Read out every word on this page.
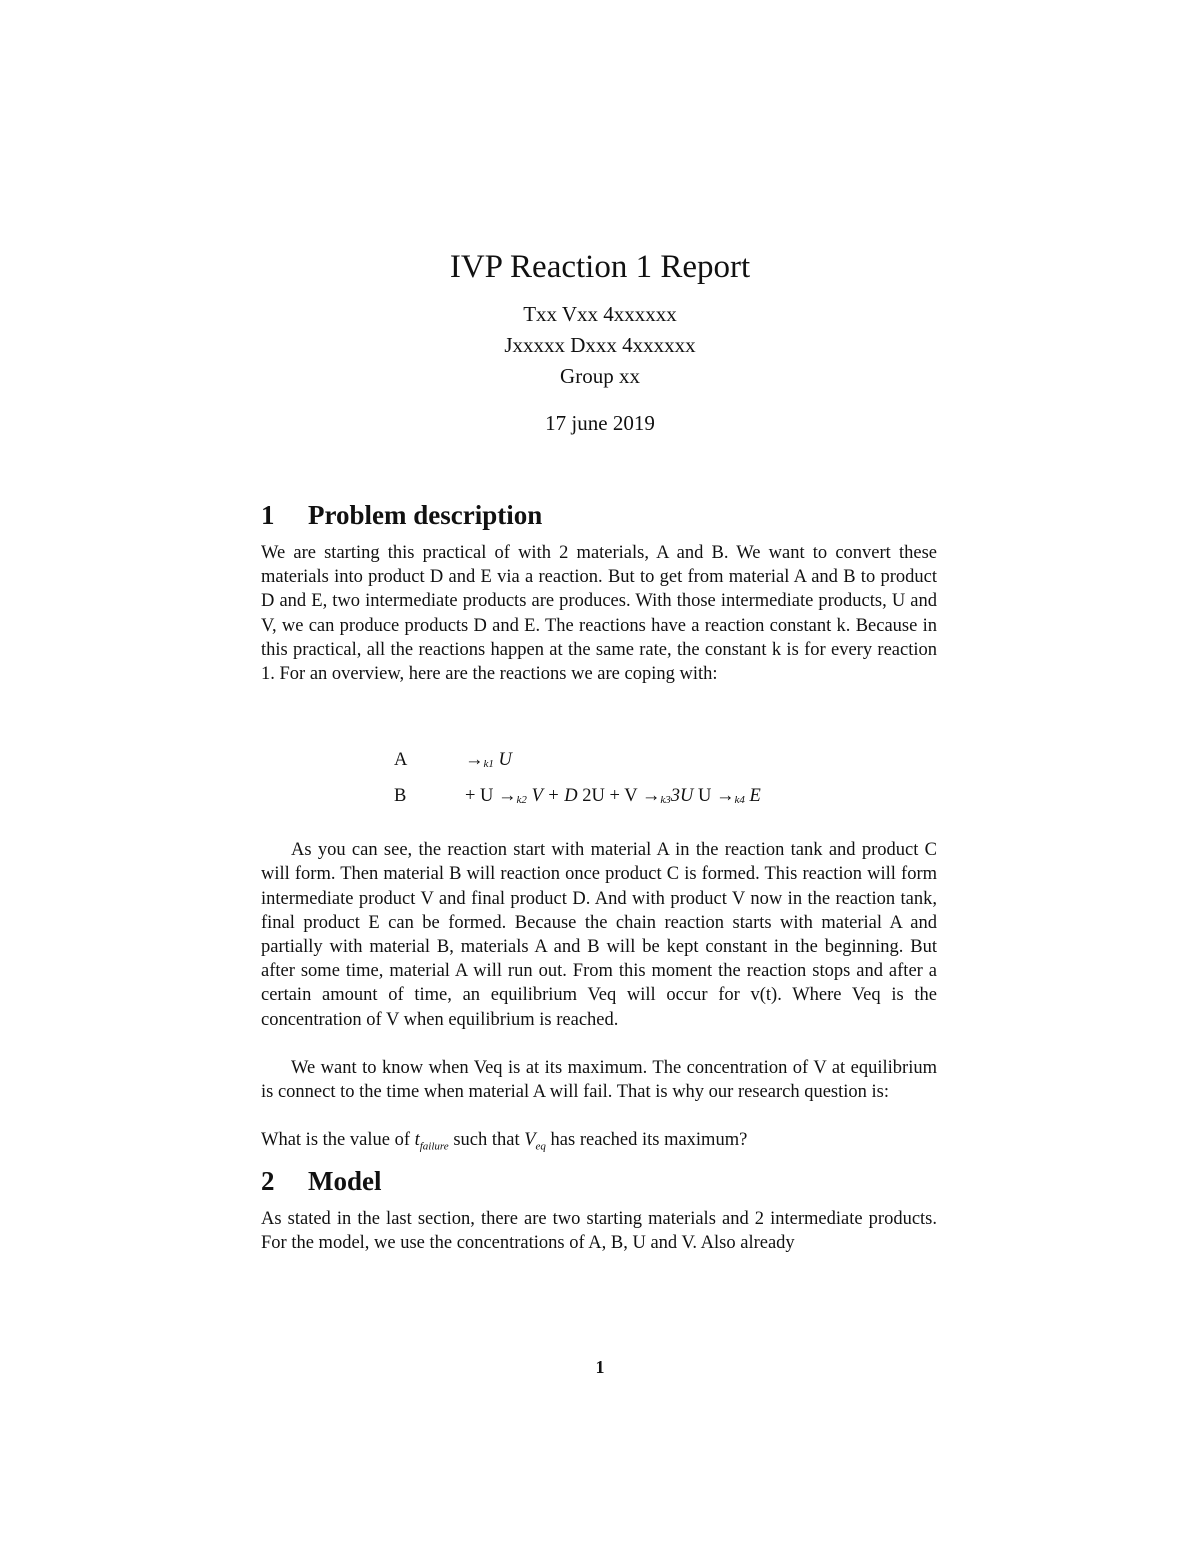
IVP Reaction 1 Report

Txx Vxx 4xxxxxx

Jxxxxx Dxxx 4xxxxxx

Group xx

17 june 2019
1 Problem description

We are starting this practical of with 2 materials, A and B. We want to convert these materials into product D and E via a reaction. But to get from material A and B to product D and E, two intermediate products are produces. With those intermediate products, U and V, we can produce products D and E. The reactions have a reaction constant k. Because in this practical, all the reactions happen at the same rate, the constant k is for every reaction 1. For an overview, here are the reactions we are coping with:

A	$\to_{k1}$ U
B	+ $U \to_{k2}$ V + D $2U + V \to_{k3}3U$ $U \to_{k4}$ E

As you can see, the reaction start with material A in the reaction tank and product C will form. Then material B will reaction once product C is formed. This reaction will form intermediate product V and final product D. And with product V now in the reaction tank, final product E can be formed. Because the chain reaction starts with material A and partially with material B, materials A and B will be kept constant in the beginning. But after some time, material A will run out. From this moment the reaction stops and after a certain amount of time, an equilibrium Veq will occur for v(t). Where Veq is the concentration of V when equilibrium is reached.

We want to know when Veq is at its maximum. The concentration of V at equilibrium is connect to the time when material A will fail. That is why our research question is:

What is the value of $t_{failure}$ such that $V_{eq}$ has reached its maximum?

2 Model

As stated in the last section, there are two starting materials and 2 intermediate products. For the model, we use the concentrations of A, B, U and V. Also already

1
